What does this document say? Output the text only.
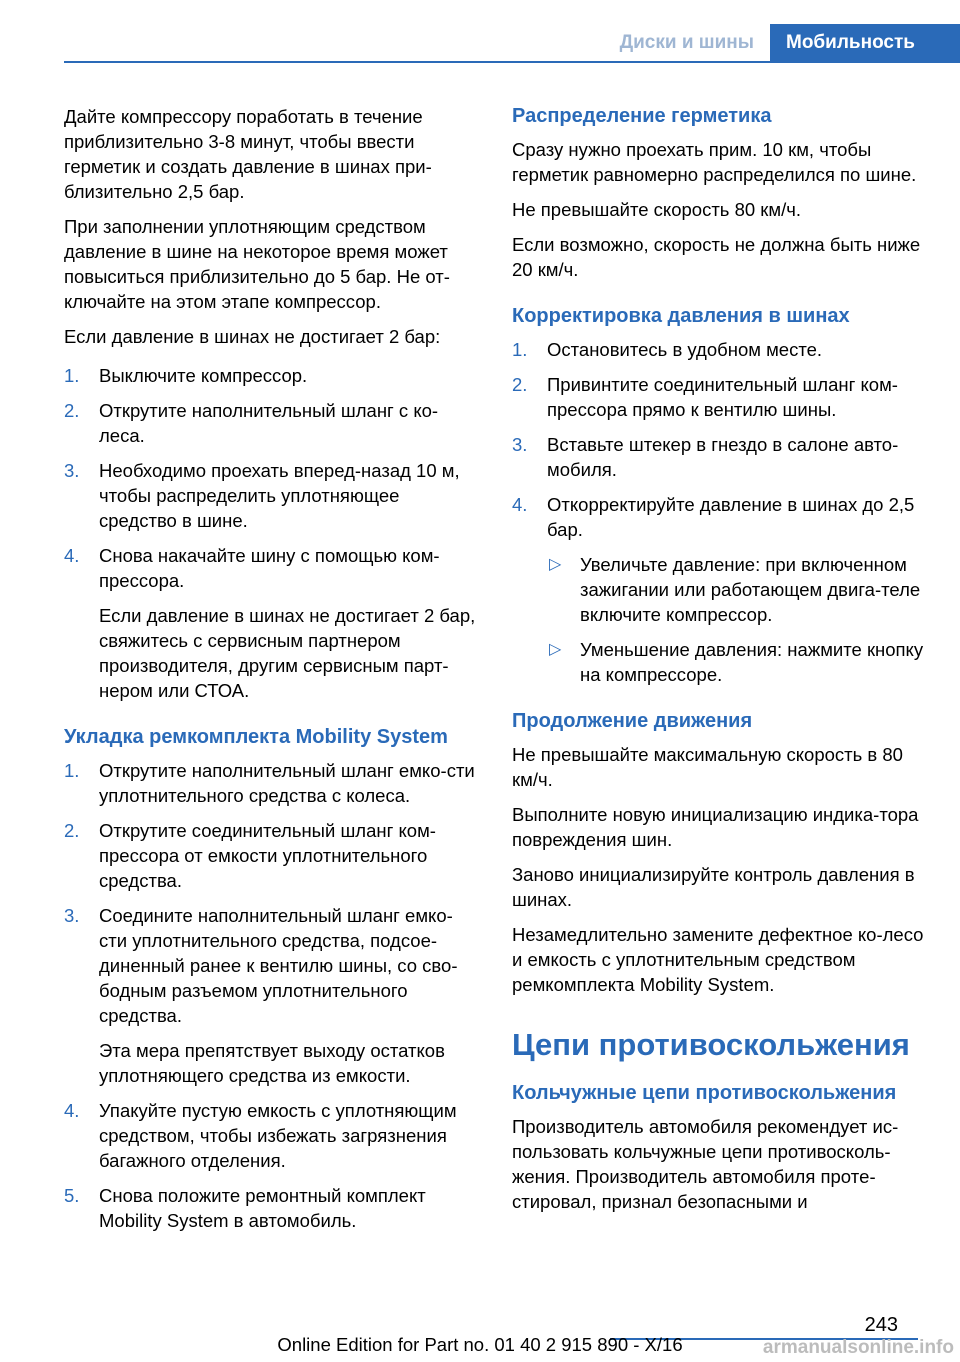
Диски и шины	Мобильность

Дайте компрессору поработать в течение приблизительно 3-8 минут, чтобы ввести герметик и создать давление в шинах при-близительно 2,5 бар.

При заполнении уплотняющим средством давление в шине на некоторое время может повыситься приблизительно до 5 бар. Не от-ключайте на этом этапе компрессор.

Если давление в шинах не достигает 2 бар:

1. Выключите компрессор.
2. Открутите наполнительный шланг с ко-леса.
3. Необходимо проехать вперед-назад 10 м, чтобы распределить уплотняющее средство в шине.
4. Снова накачайте шину с помощью ком-прессора.
Если давление в шинах не достигает 2 бар, свяжитесь с сервисным партнером производителя, другим сервисным парт-нером или СТОА.
Укладка ремкомплекта Mobility System
1. Открутите наполнительный шланг емко-сти уплотнительного средства с колеса.
2. Открутите соединительный шланг ком-прессора от емкости уплотнительного средства.
3. Соедините наполнительный шланг емко-сти уплотнительного средства, подсое-диненный ранее к вентилю шины, со сво-бодным разъемом уплотнительного средства.
Эта мера препятствует выходу остатков уплотняющего средства из емкости.
4. Упакуйте пустую емкость с уплотняющим средством, чтобы избежать загрязнения багажного отделения.
5. Снова положите ремонтный комплект Mobility System в автомобиль.
Распределение герметика

Сразу нужно проехать прим. 10 км, чтобы герметик равномерно распределился по шине.

Не превышайте скорость 80 км/ч.

Если возможно, скорость не должна быть ниже 20 км/ч.

Корректировка давления в шинах
1. Остановитесь в удобном месте.
2. Привинтите соединительный шланг ком-прессора прямо к вентилю шины.
3. Вставьте штекер в гнездо в салоне авто-мобиля.
4. Откорректируйте давление в шинах до 2,5 бар.
▷ Увеличьте давление: при включенном зажигании или работающем двига-теле включите компрессор.
▷ Уменьшение давления: нажмите кнопку на компрессоре.
Продолжение движения

Не превышайте максимальную скорость в 80 км/ч.

Выполните новую инициализацию индика-тора повреждения шин.

Заново инициализируйте контроль давления в шинах.

Незамедлительно замените дефектное ко-лесо и емкость с уплотнительным средством ремкомплекта Mobility System.

Цепи противоскольжения
Кольчужные цепи противоскольжения

Производитель автомобиля рекомендует ис-пользовать кольчужные цепи противосколь-жения. Производитель автомобиля протe-стировал, признал безопасными и

243
Online Edition for Part no. 01 40 2 915 890 - X/16	armanualsonline.info
